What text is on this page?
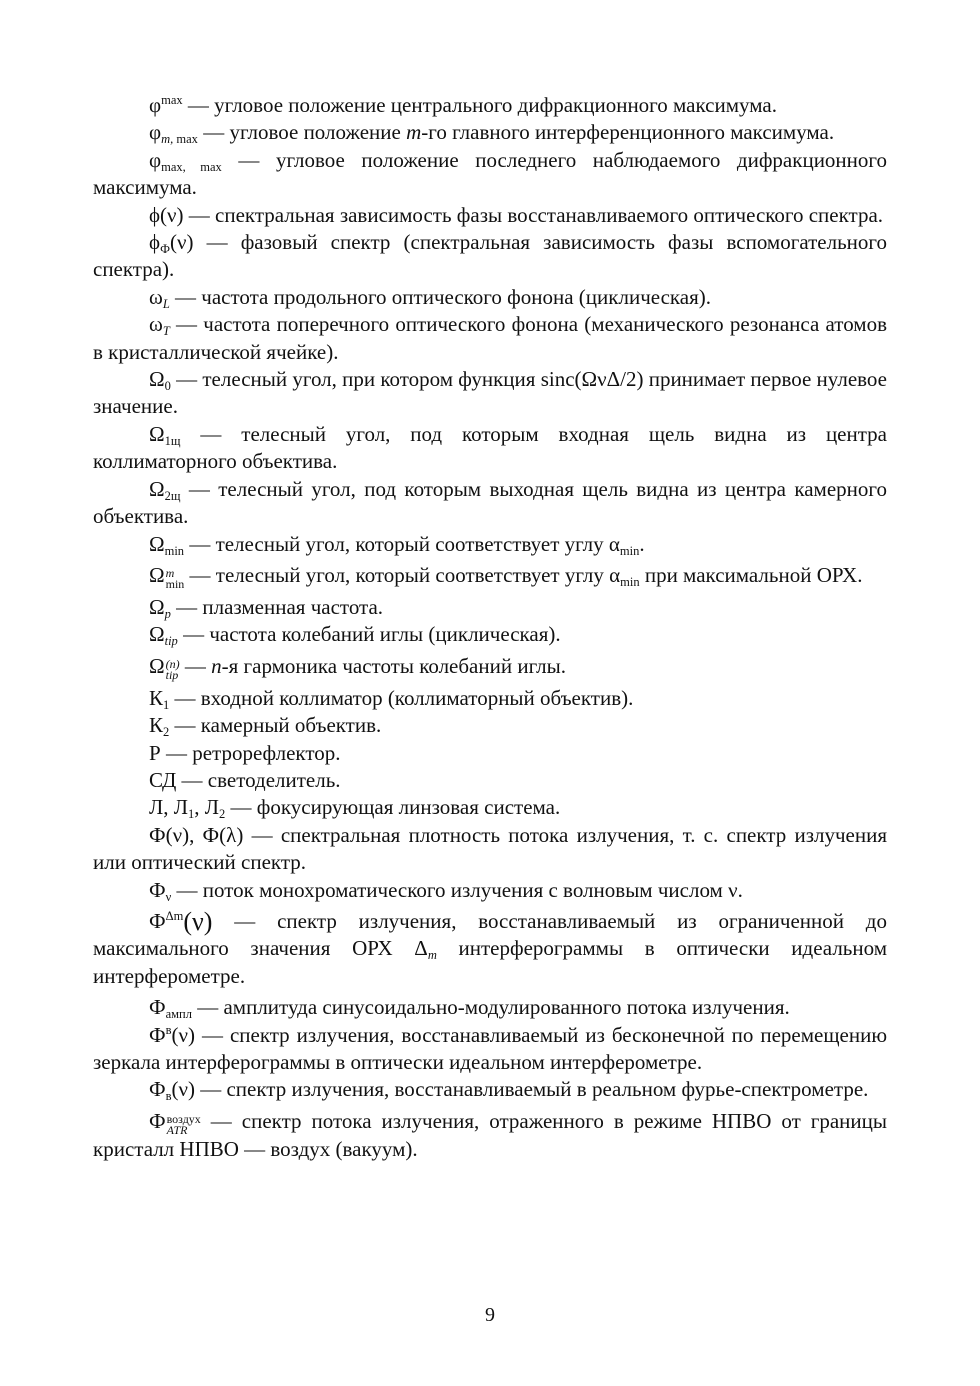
$\varphi^{max}$ — угловое положение центрального дифракционного максимума.

$\varphi_{m, max}$ — угловое положение m-го главного интерференционного максимума.

$\varphi_{max, max}$ — угловое положение последнего наблюдаемого дифракционного максимума.

ϕ(ν) — спектральная зависимость фазы восстанавливаемого оптического спектра.

$\phi_Ф(\nu)$ — фазовый спектр (спектральная зависимость фазы вспомогательного спектра).

$\omega_L$ — частота продольного оптического фонона (циклическая).

$\omega_T$ — частота поперечного оптического фонона (механического резонанса атомов в кристаллической ячейке).

$\Omega_0$ — телесный угол, при котором функция sinc(ΩνΔ/2) принимает первое нулевое значение.

$\Omega_{1щ}$ — телесный угол, под которым входная щель видна из центра коллиматорного объектива.

$\Omega_{2щ}$ — телесный угол, под которым выходная щель видна из центра камерного объектива.

$\Omega_{min}$ — телесный угол, который соответствует углу $\alpha_{min}$.

Ω m
min — телесный угол, который соответствует углу $\alpha_{min}$ при максимальной ОРХ.

$\Omega_p$ — плазменная частота.

$\Omega_{tip}$ — частота колебаний иглы (циклическая).

Ω (n)
tip — n-я гармоника частоты колебаний иглы.

$К_1$ — входной коллиматор (коллиматорный объектив).

$К_2$ — камерный объектив.

Р — ретрорефлектор.

СД — светоделитель.

Л, $Л_1$, $Л_2$ — фокусирующая линзовая система.

Ф(ν), Ф(λ) — спектральная плотность потока излучения, т. с. спектр излучения или оптический спектр.

$Ф_\nu$ — поток монохроматического излучения с волновым числом ν.

$Ф^{\Delta m}(\nu)$ — спектр излучения, восстанавливаемый из ограниченной до максимального значения ОРХ $\Delta_m$ интерферограммы в оптически идеальном интерферометре.

$Ф_{ампл}$ — амплитуда синусоидально-модулированного потока излучения.

$Ф^в(\nu)$ — спектр излучения, восстанавливаемый из бесконечной по перемещению зеркала интерферограммы в оптически идеальном интерферометре.

$Ф_в(\nu)$ — спектр излучения, восстанавливаемый в реальном фурье-спектрометре.

Ф воздух
ATR	— спектр потока излучения, отраженного в режиме НПВО от границы кристалл НПВО — воздух (вакуум).

9
